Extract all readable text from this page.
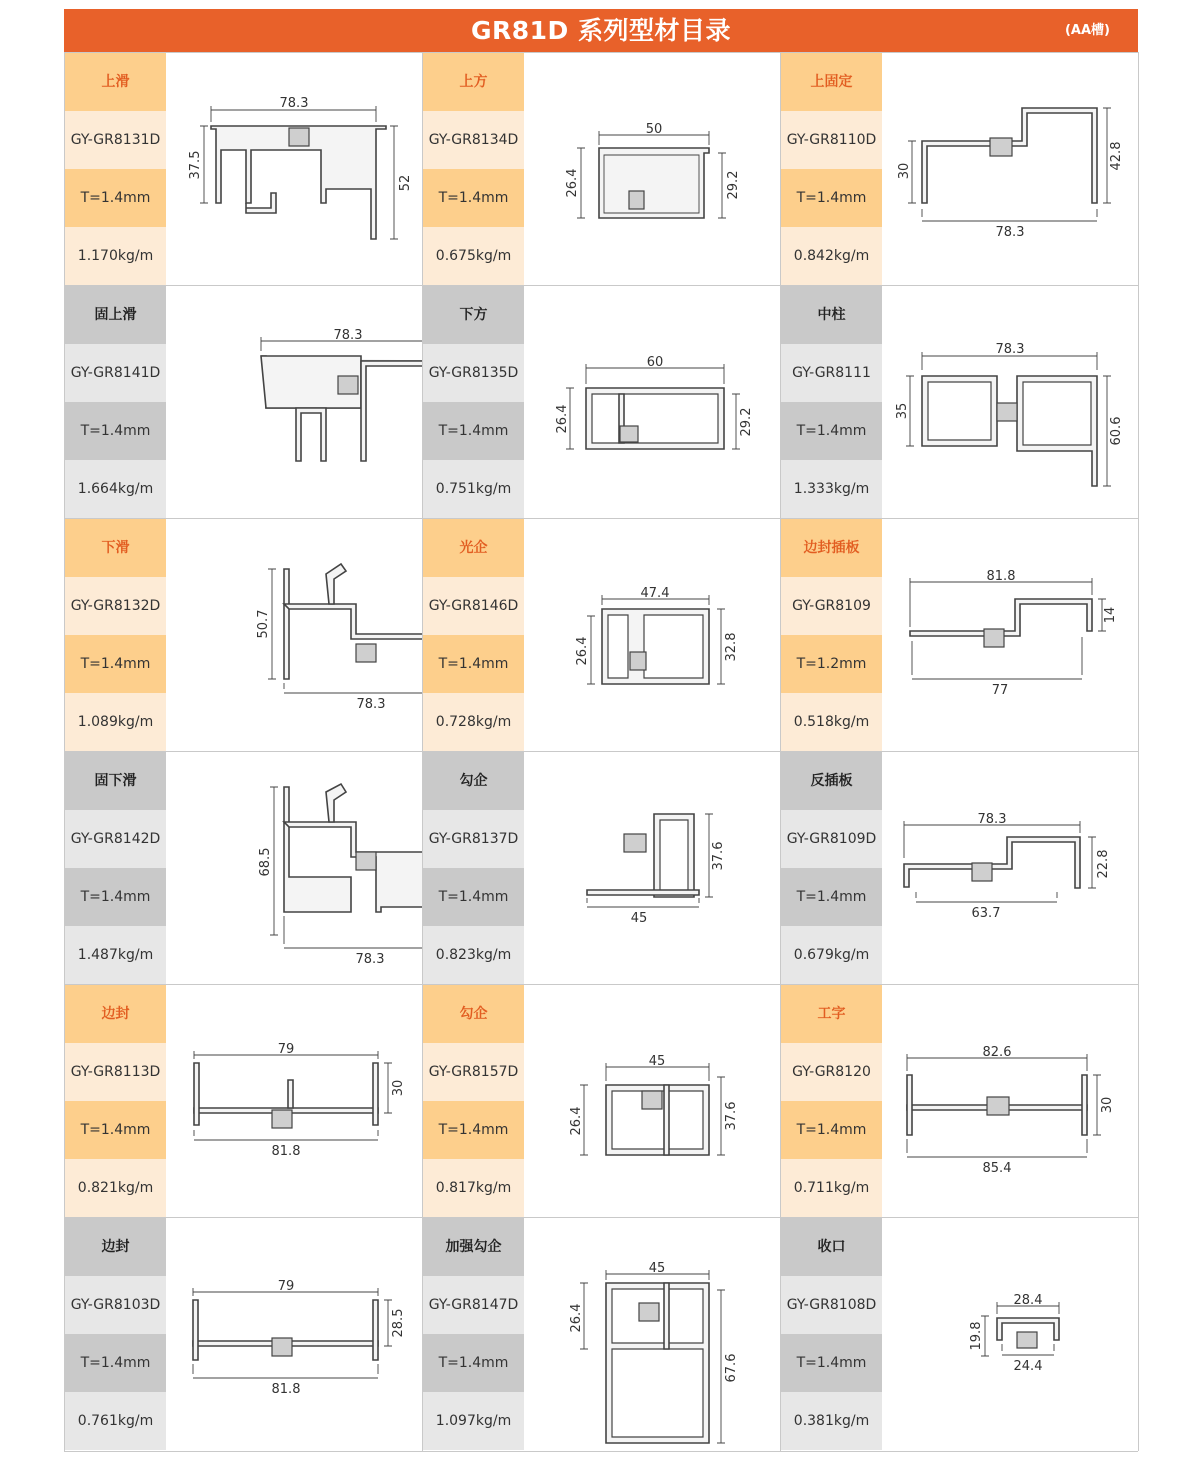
GR81D 系列型材目录	(AA槽)
上滑
GY-GR8131D
T=1.4mm
1.170kg/m
78.3
37.5
52
上方
GY-GR8134D
T=1.4mm
0.675kg/m
50
26.4	29.2
上固定
GY-GR8110D
T=1.4mm
0.842kg/m
78.3
30
42.8
固上滑
GY-GR8141D
T=1.4mm
1.664kg/m
78.3
下方
GY-GR8135D
T=1.4mm
0.751kg/m
60
26.4	29.2
中柱
GY-GR8111
T=1.4mm
1.333kg/m
78.3
35
60.6
下滑
GY-GR8132D
T=1.4mm
1.089kg/m
78.3
50.7
光企
GY-GR8146D
T=1.4mm
0.728kg/m
47.4
26.4	32.8
边封插板
GY-GR8109
T=1.2mm
0.518kg/m
81.8
77
14
固下滑
GY-GR8142D
T=1.4mm
1.487kg/m	78.3
68.5
勾企
GY-GR8137D
T=1.4mm
0.823kg/m
45
37.6
反插板
GY-GR8109D
T=1.4mm
0.679kg/m
78.3
63.7
22.8
边封
GY-GR8113D
T=1.4mm
0.821kg/m
79
81.8
30
勾企
GY-GR8157D
T=1.4mm
0.817kg/m
45
26.4	37.6
工字
GY-GR8120
T=1.4mm
0.711kg/m
82.6
85.4
30
边封
GY-GR8103D
T=1.4mm
0.761kg/m
79
81.8
28.5
加强勾企
GY-GR8147D
T=1.4mm
1.097kg/m
45
26.4
67.6
收口
GY-GR8108D
T=1.4mm
0.381kg/m
28.4
19.8
24.4
